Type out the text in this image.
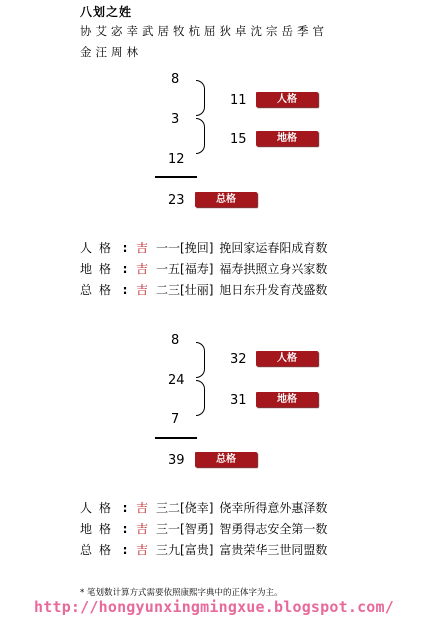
八划之姓
协艾宓幸武居牧杭屈狄卓沈宗岳季官
金汪周林
8
3
12
11	人格
15	地格
23	总格
人格 : 吉 一一[挽回] 挽回家运春阳成育数
地格 : 吉 一五[福寿] 福寿拱照立身兴家数
总格 : 吉 二三[壮丽] 旭日东升发育茂盛数
8
24
7
32	人格
31	地格
39	总格
人格 : 吉 三二[侥幸] 侥幸所得意外惠泽数
地格 : 吉 三一[智勇] 智勇得志安全第一数
总格 : 吉 三九[富贵] 富贵荣华三世同盟数
* 笔划数计算方式需要依照康熙字典中的正体字为主。
http://hongyunxingmingxue.blogspot.com/
